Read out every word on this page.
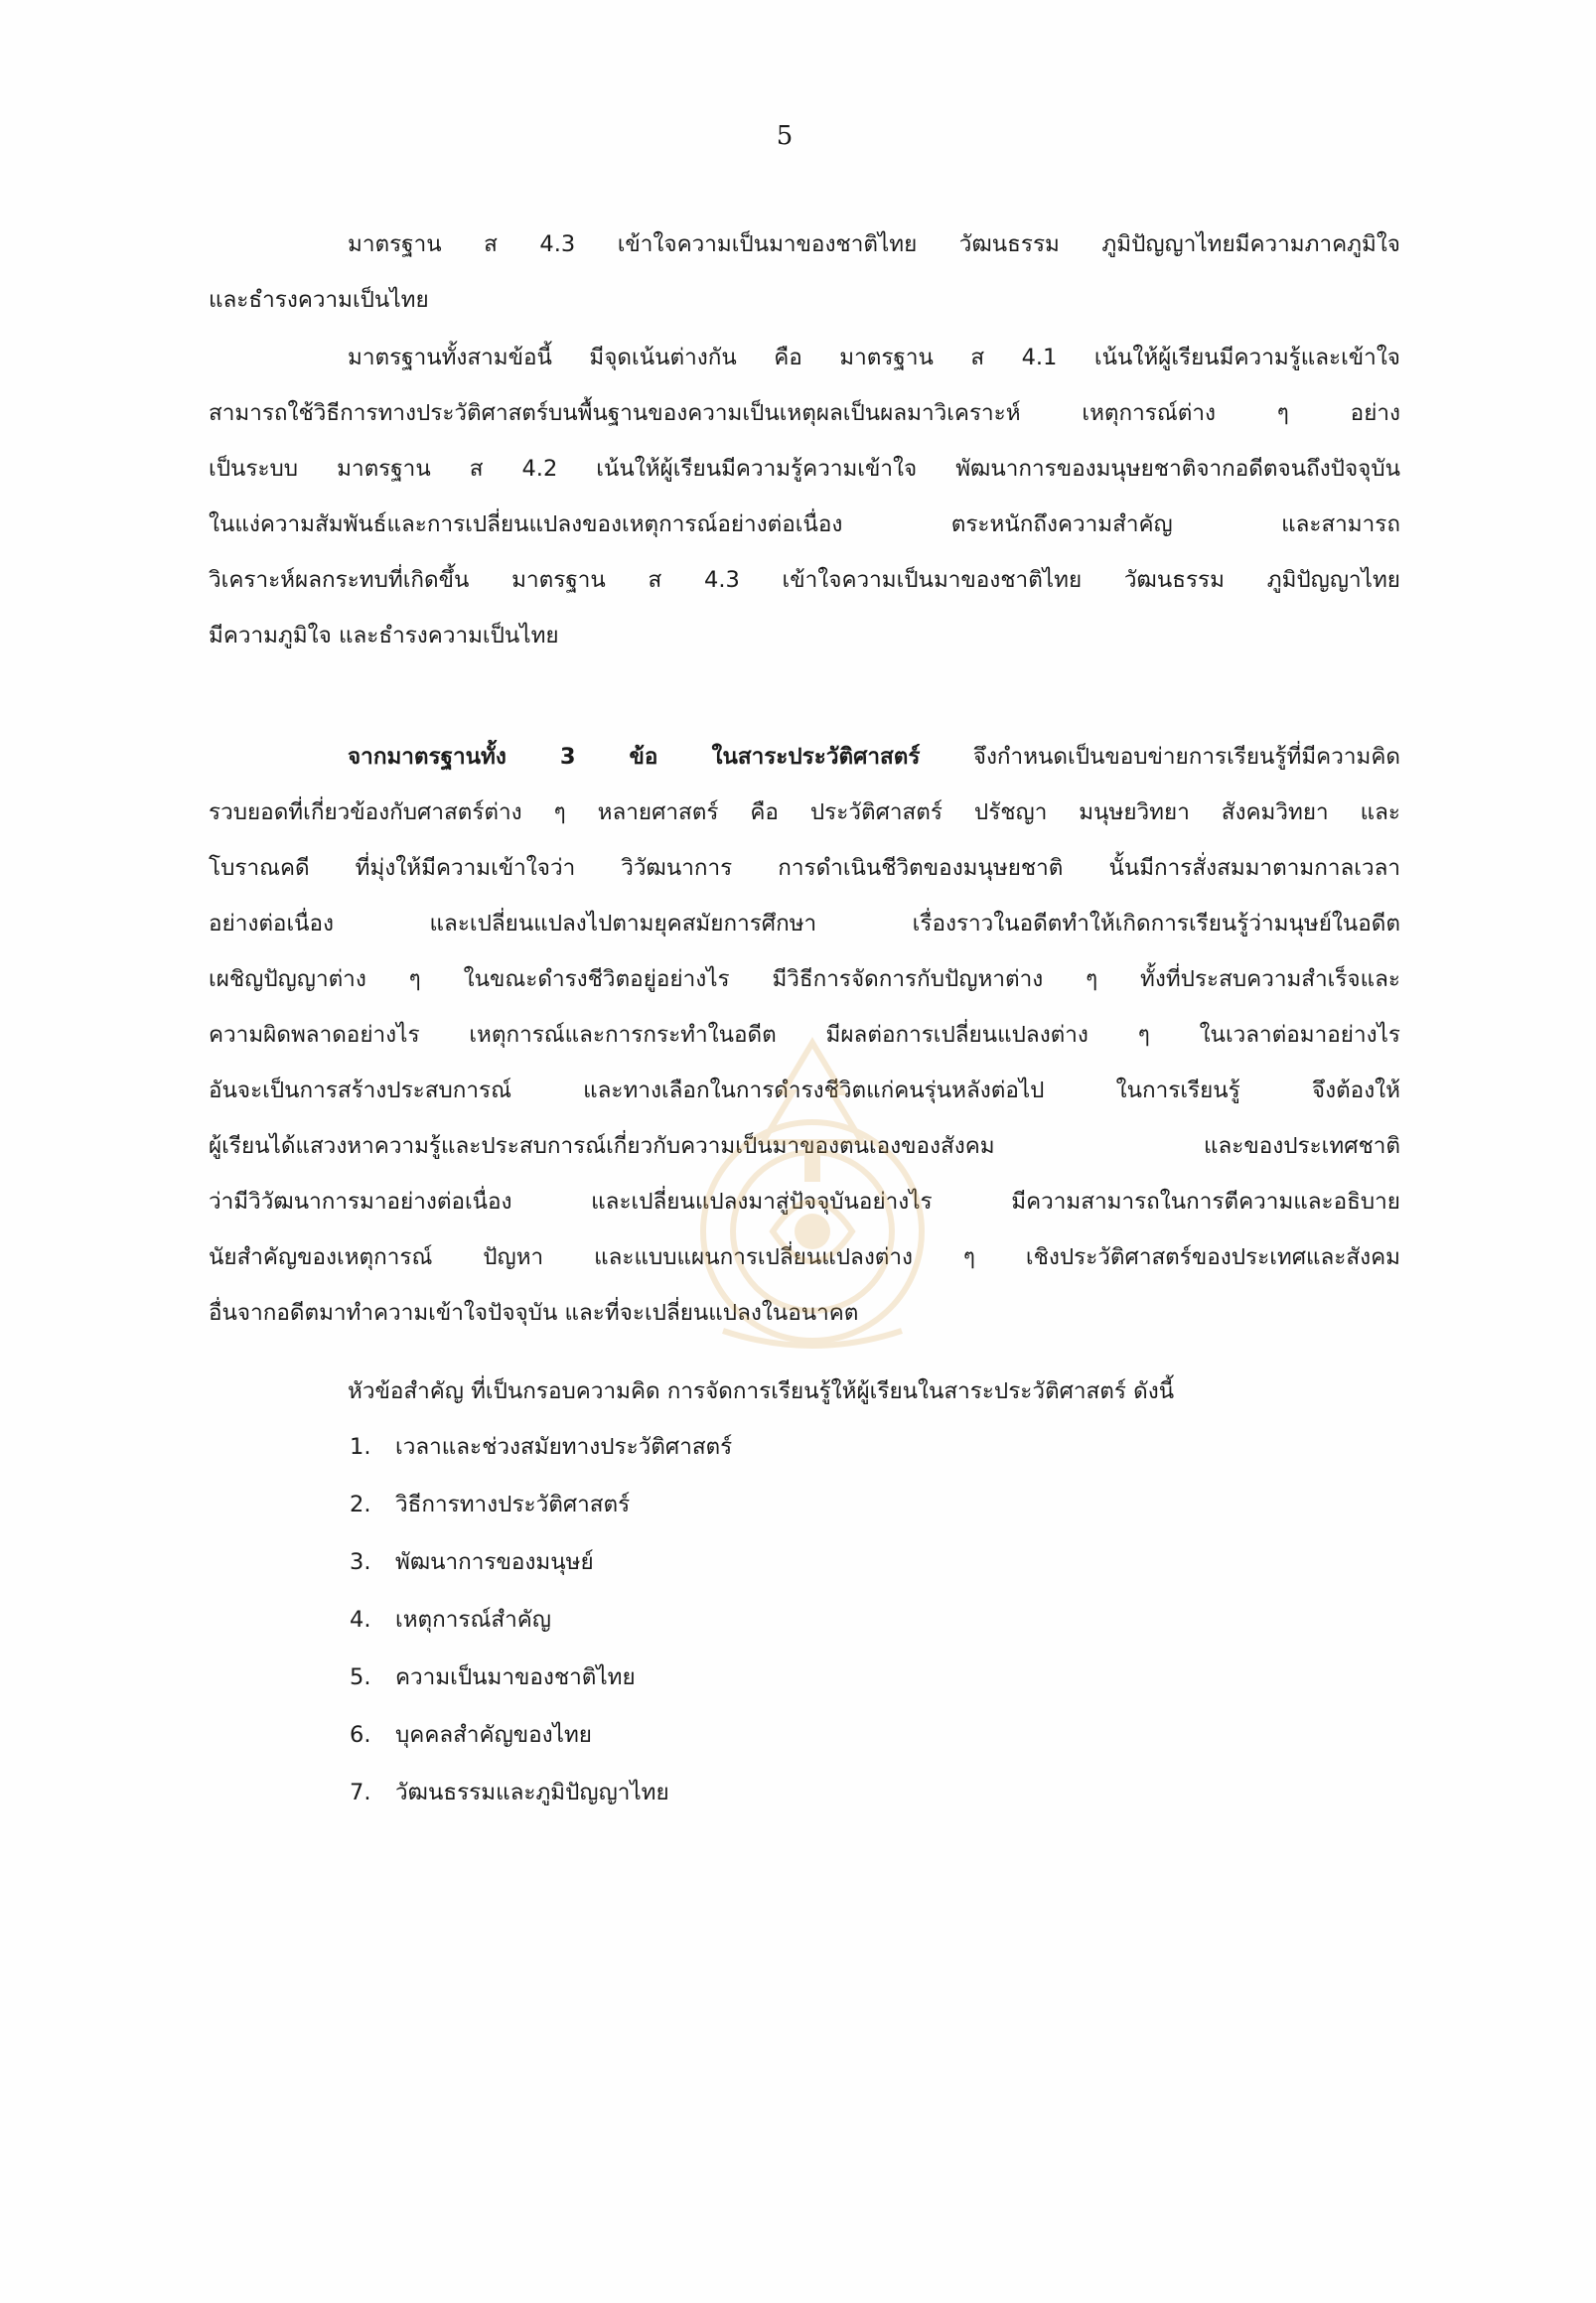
5
มาตรฐาน ส 4.3 เข้าใจความเป็นมาของชาติไทย วัฒนธรรม ภูมิปัญญาไทยมีความภาคภูมิใจ
และธำรงความเป็นไทย
มาตรฐานทั้งสามข้อนี้ มีจุดเน้นต่างกัน คือ มาตรฐาน ส 4.1 เน้นให้ผู้เรียนมีความรู้และเข้าใจ
สามารถใช้วิธีการทางประวัติศาสตร์บนพื้นฐานของความเป็นเหตุผลเป็นผลมาวิเคราะห์ เหตุการณ์ต่าง ๆ อย่าง
เป็นระบบ มาตรฐาน ส 4.2 เน้นให้ผู้เรียนมีความรู้ความเข้าใจ พัฒนาการของมนุษยชาติจากอดีตจนถึงปัจจุบัน
ในแง่ความสัมพันธ์และการเปลี่ยนแปลงของเหตุการณ์อย่างต่อเนื่อง ตระหนักถึงความสำคัญ และสามารถ
วิเคราะห์ผลกระทบที่เกิดขึ้น มาตรฐาน ส 4.3 เข้าใจความเป็นมาของชาติไทย วัฒนธรรม ภูมิปัญญาไทย
มีความภูมิใจ และธำรงความเป็นไทย
จากมาตรฐานทั้ง 3 ข้อ ในสาระประวัติศาสตร์ จึงกำหนดเป็นขอบข่ายการเรียนรู้ที่มีความคิด
รวบยอดที่เกี่ยวข้องกับศาสตร์ต่าง ๆ หลายศาสตร์ คือ ประวัติศาสตร์ ปรัชญา มนุษยวิทยา สังคมวิทยา และ
โบราณคดี ที่มุ่งให้มีความเข้าใจว่า วิวัฒนาการ การดำเนินชีวิตของมนุษยชาติ นั้นมีการสั่งสมมาตามกาลเวลา
อย่างต่อเนื่อง และเปลี่ยนแปลงไปตามยุคสมัยการศึกษา เรื่องราวในอดีตทำให้เกิดการเรียนรู้ว่ามนุษย์ในอดีต
เผชิญปัญญาต่าง ๆ ในขณะดำรงชีวิตอยู่อย่างไร มีวิธีการจัดการกับปัญหาต่าง ๆ ทั้งที่ประสบความสำเร็จและ
ความผิดพลาดอย่างไร เหตุการณ์และการกระทำในอดีต มีผลต่อการเปลี่ยนแปลงต่าง ๆ ในเวลาต่อมาอย่างไร
อันจะเป็นการสร้างประสบการณ์ และทางเลือกในการดำรงชีวิตแก่คนรุ่นหลังต่อไป ในการเรียนรู้ จึงต้องให้
ผู้เรียนได้แสวงหาความรู้และประสบการณ์เกี่ยวกับความเป็นมาของตนเองของสังคม และของประเทศชาติ
ว่ามีวิวัฒนาการมาอย่างต่อเนื่อง และเปลี่ยนแปลงมาสู่ปัจจุบันอย่างไร มีความสามารถในการตีความและอธิบาย
นัยสำคัญของเหตุการณ์ ปัญหา และแบบแผนการเปลี่ยนแปลงต่าง ๆ เชิงประวัติศาสตร์ของประเทศและสังคม
อื่นจากอดีตมาทำความเข้าใจปัจจุบัน และที่จะเปลี่ยนแปลงในอนาคต
หัวข้อสำคัญ ที่เป็นกรอบความคิด การจัดการเรียนรู้ให้ผู้เรียนในสาระประวัติศาสตร์ ดังนี้
1.	เวลาและช่วงสมัยทางประวัติศาสตร์
2.	วิธีการทางประวัติศาสตร์
3.	พัฒนาการของมนุษย์
4.	เหตุการณ์สำคัญ
5.	ความเป็นมาของชาติไทย
6.	บุคคลสำคัญของไทย
7.	วัฒนธรรมและภูมิปัญญาไทย
